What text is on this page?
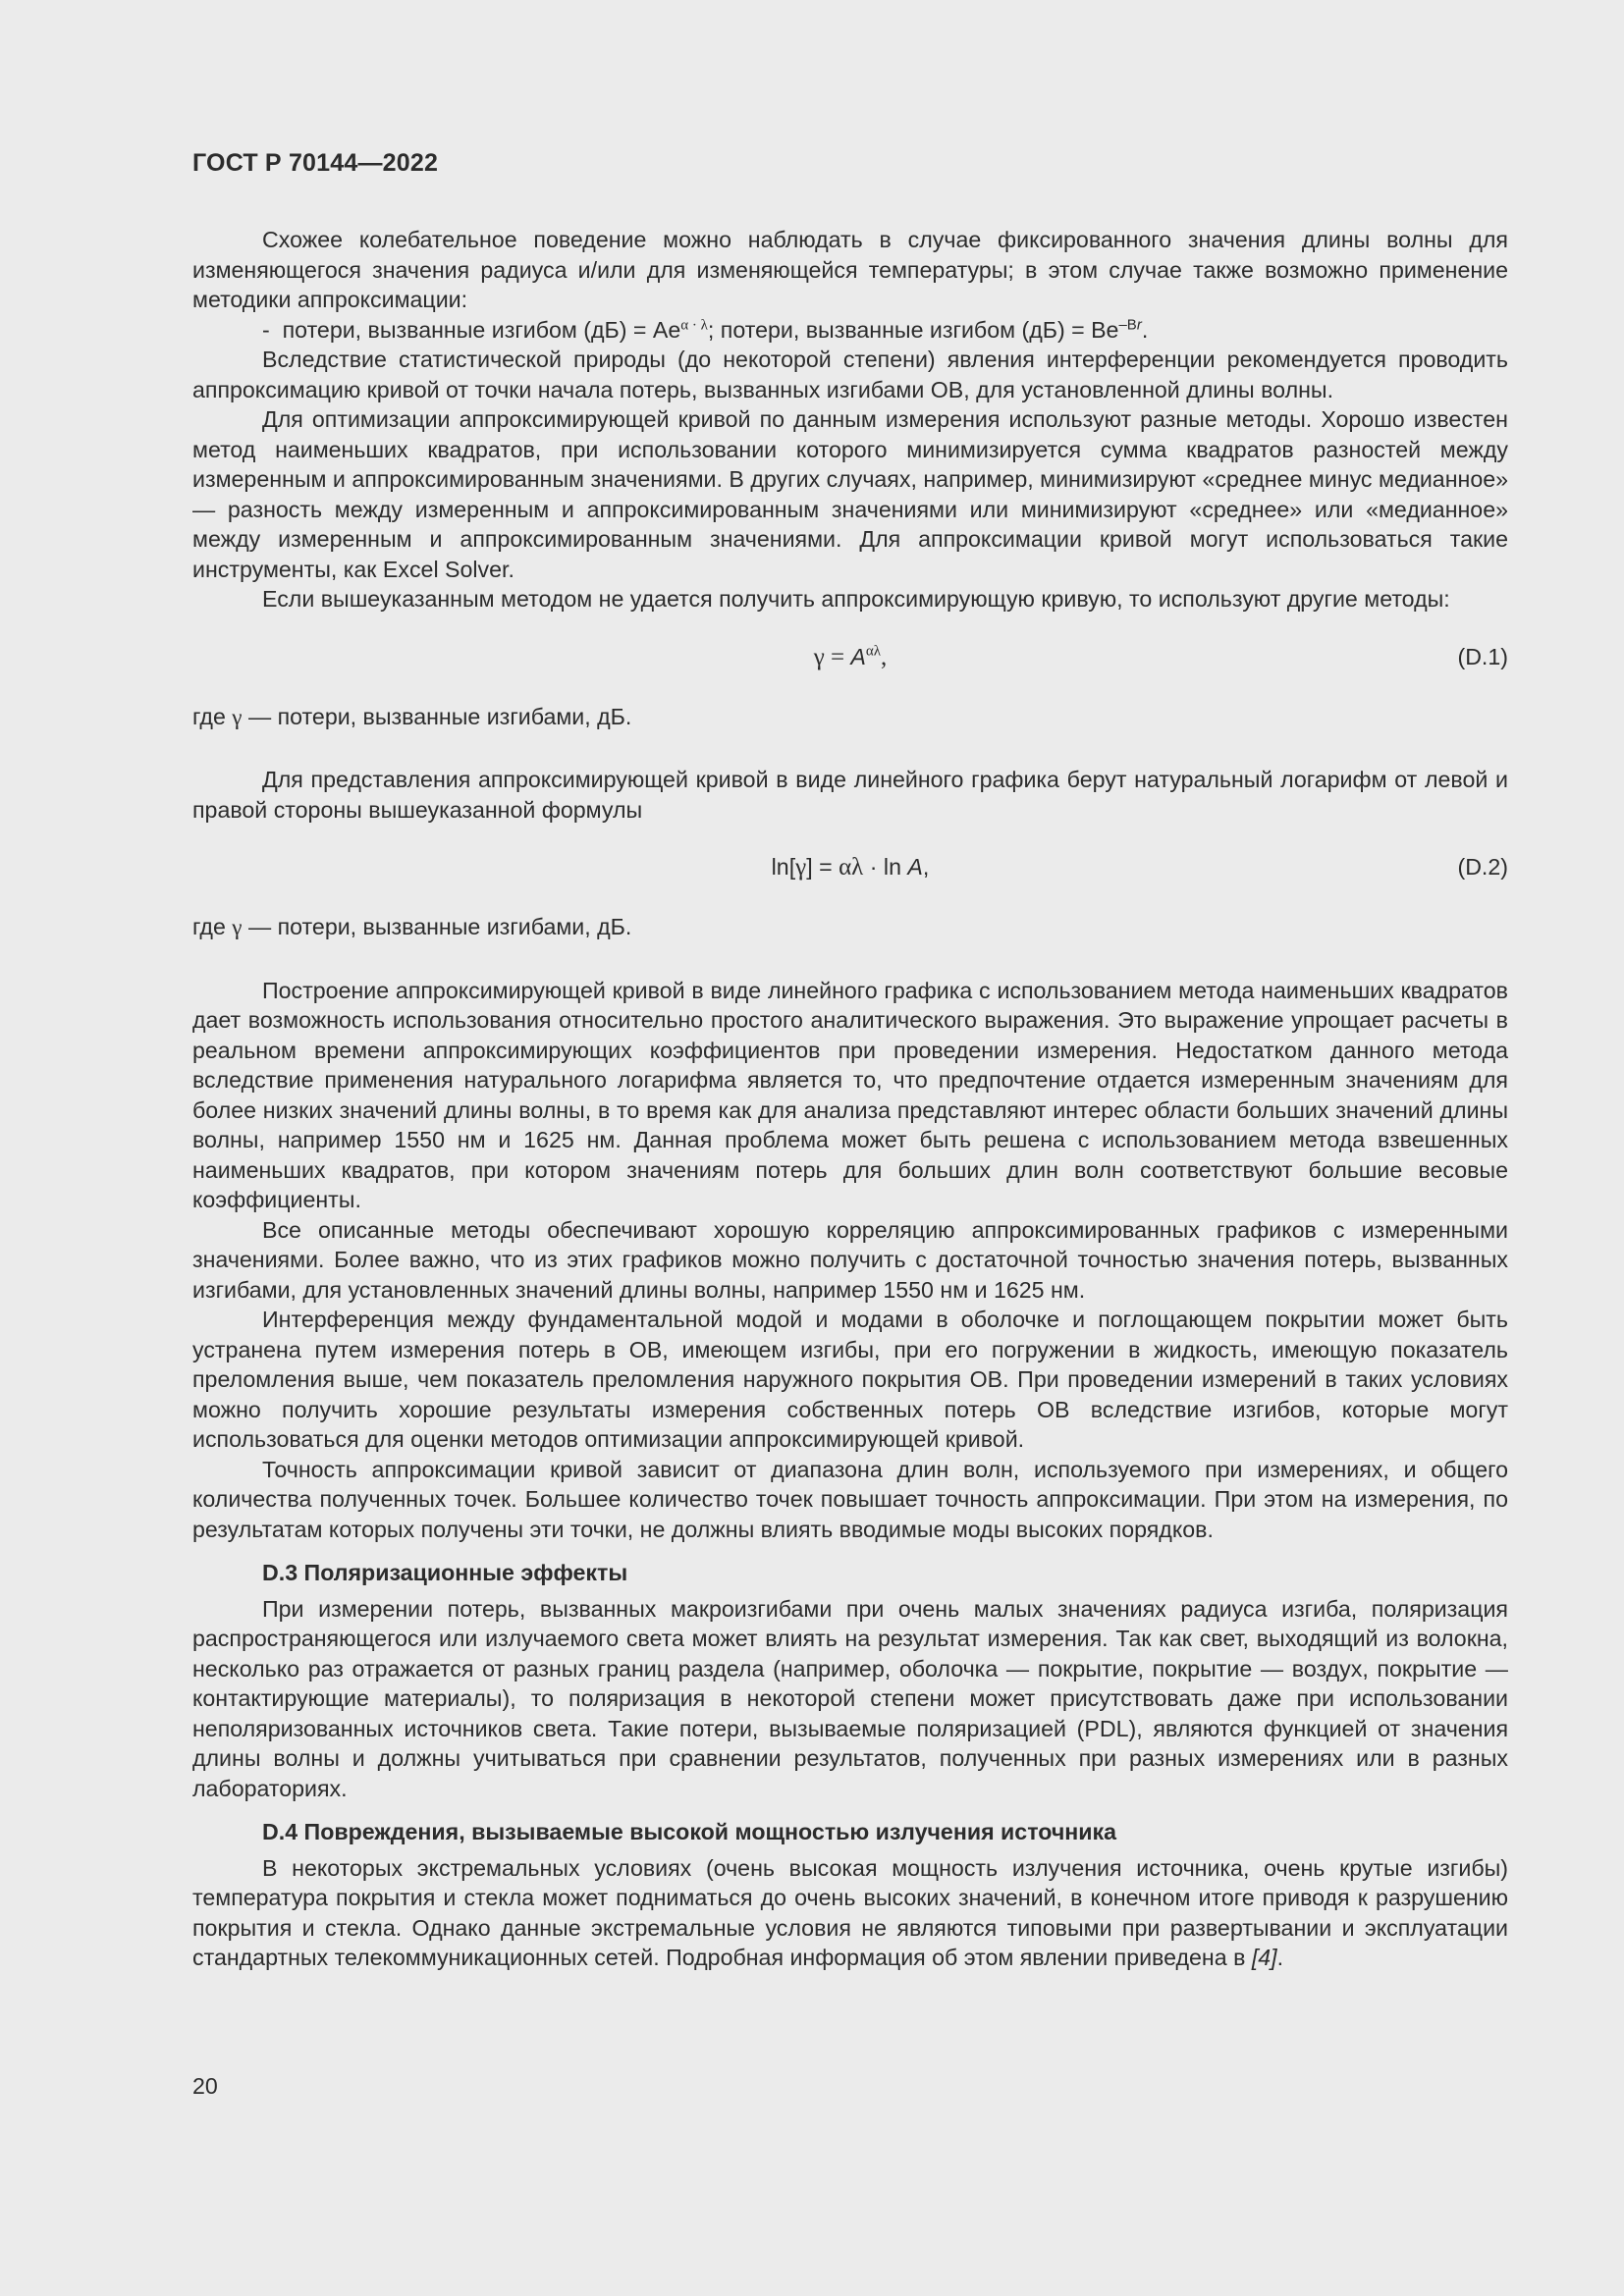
ГОСТ Р 70144—2022

Схожее колебательное поведение можно наблюдать в случае фиксированного значения длины волны для изменяющегося значения радиуса и/или для изменяющейся температуры; в этом случае также возможно применение методики аппроксимации:

- потери, вызванные изгибом $(дБ) = Ae^{\alpha \cdot \lambda}$; потери, вызванные изгибом $(дБ) = Be^{-Br}$.

Вследствие статистической природы (до некоторой степени) явления интерференции рекомендуется проводить аппроксимацию кривой от точки начала потерь, вызванных изгибами ОВ, для установленной длины волны.

Для оптимизации аппроксимирующей кривой по данным измерения используют разные методы. Хорошо известен метод наименьших квадратов, при использовании которого минимизируется сумма квадратов разностей между измеренным и аппроксимированным значениями. В других случаях, например, минимизируют «среднее минус медианное» — разность между измеренным и аппроксимированным значениями или минимизируют «среднее» или «медианное» между измеренным и аппроксимированным значениями. Для аппроксимации кривой могут использоваться такие инструменты, как Excel Solver.

Если вышеуказанным методом не удается получить аппроксимирующую кривую, то используют другие методы:

$\gamma = A^{\alpha\lambda}$,	(D.1)

где γ — потери, вызванные изгибами, дБ.

Для представления аппроксимирующей кривой в виде линейного графика берут натуральный логарифм от левой и правой стороны вышеуказанной формулы

ln[γ] = αλ · ln A,	(D.2)

где γ — потери, вызванные изгибами, дБ.

Построение аппроксимирующей кривой в виде линейного графика с использованием метода наименьших квадратов дает возможность использования относительно простого аналитического выражения. Это выражение упрощает расчеты в реальном времени аппроксимирующих коэффициентов при проведении измерения. Недостатком данного метода вследствие применения натурального логарифма является то, что предпочтение отдается измеренным значениям для более низких значений длины волны, в то время как для анализа представляют интерес области больших значений длины волны, например 1550 нм и 1625 нм. Данная проблема может быть решена с использованием метода взвешенных наименьших квадратов, при котором значениям потерь для больших длин волн соответствуют большие весовые коэффициенты.

Все описанные методы обеспечивают хорошую корреляцию аппроксимированных графиков с измеренными значениями. Более важно, что из этих графиков можно получить с достаточной точностью значения потерь, вызванных изгибами, для установленных значений длины волны, например 1550 нм и 1625 нм.

Интерференция между фундаментальной модой и модами в оболочке и поглощающем покрытии может быть устранена путем измерения потерь в ОВ, имеющем изгибы, при его погружении в жидкость, имеющую показатель преломления выше, чем показатель преломления наружного покрытия ОВ. При проведении измерений в таких условиях можно получить хорошие результаты измерения собственных потерь ОВ вследствие изгибов, которые могут использоваться для оценки методов оптимизации аппроксимирующей кривой.

Точность аппроксимации кривой зависит от диапазона длин волн, используемого при измерениях, и общего количества полученных точек. Большее количество точек повышает точность аппроксимации. При этом на измерения, по результатам которых получены эти точки, не должны влиять вводимые моды высоких порядков.

D.3 Поляризационные эффекты

При измерении потерь, вызванных макроизгибами при очень малых значениях радиуса изгиба, поляризация распространяющегося или излучаемого света может влиять на результат измерения. Так как свет, выходящий из волокна, несколько раз отражается от разных границ раздела (например, оболочка — покрытие, покрытие — воздух, покрытие — контактирующие материалы), то поляризация в некоторой степени может присутствовать даже при использовании неполяризованных источников света. Такие потери, вызываемые поляризацией (PDL), являются функцией от значения длины волны и должны учитываться при сравнении результатов, полученных при разных измерениях или в разных лабораториях.

D.4 Повреждения, вызываемые высокой мощностью излучения источника

В некоторых экстремальных условиях (очень высокая мощность излучения источника, очень крутые изгибы) температура покрытия и стекла может подниматься до очень высоких значений, в конечном итоге приводя к разрушению покрытия и стекла. Однако данные экстремальные условия не являются типовыми при развертывании и эксплуатации стандартных телекоммуникационных сетей. Подробная информация об этом явлении приведена в [4].

20
